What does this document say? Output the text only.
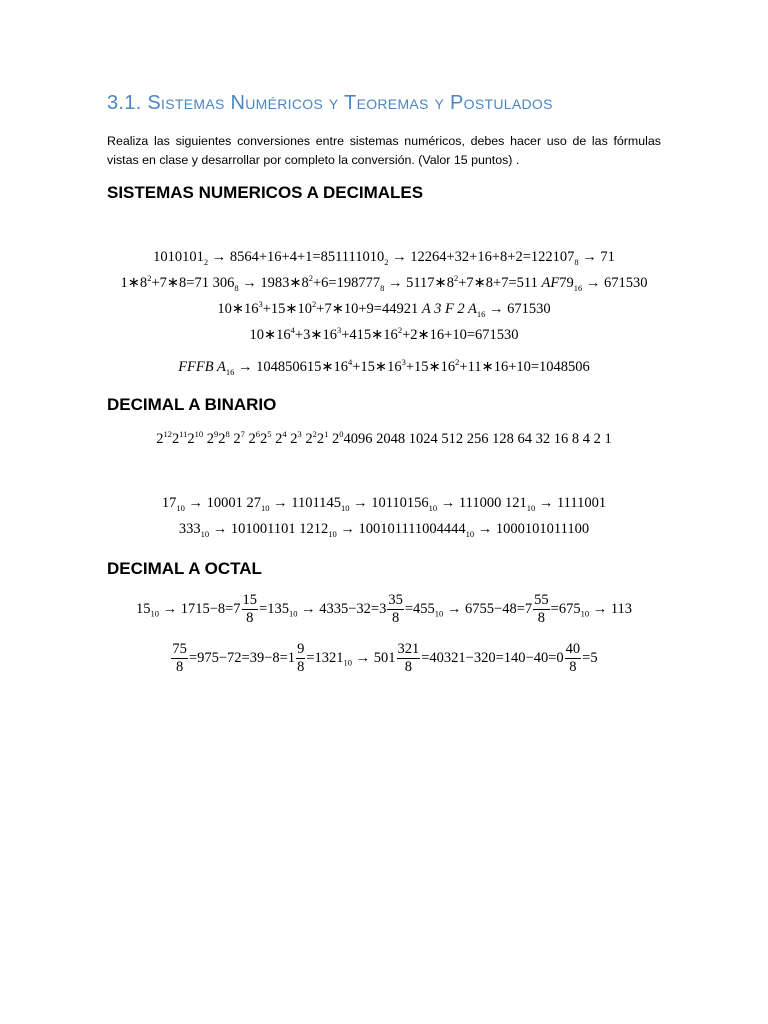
3.1. Sistemas Numéricos y Teoremas y Postulados
Realiza las siguientes conversiones entre sistemas numéricos, debes hacer uso de las fórmulas vistas en clase y desarrollar por completo la conversión. (Valor 15 puntos) .
SISTEMAS NUMERICOS A DECIMALES
$1010101_2 \to 8564+16+4+1=851111010_2 \to 12264+32+16+8+2=122107_8 \to 71$
$1∗8^2+7∗8=71$ $306_8$ → $1983∗8^2+6=198777_8$ → $5117∗8^2+7∗8+7=511$ $AF79_{16} \to 671530$
$10∗16^3+15∗10^2+7∗10+9=44921$ A 3 F 2 $A_{16} \to 671530$
$10∗16^4+3∗16^3+415∗16^2+2∗16+10=671530$
FFFB $A_{16}$ → $104850615∗16^4+15∗16^3+15∗16^2+11∗16+10=1048506$
DECIMAL A BINARIO
$2^{12}2^{11}2^{10}$ $2^92^8$ $2^7$ $2^62^5$ $2^4$ $2^3$ $2^22^1$ $2^04096$ 2048 1024 512 256 128 64 32 16 8 4 2 1
$17_{10} \to 10001$ $27_{10} \to 1101145_{10} \to 10110156_{10} \to 111000$ $121_{10} \to 1111001$
$333_{10} \to 101001101$ $1212_{10} \to 100101111004444_{10} \to 1000101011100$
DECIMAL A OCTAL
$15_{10} \to 1715-8=7 \frac{15}{8} =135_{10} \to 4335-32=3 \frac{35}{8} =455_{10} \to 6755-48=7 \frac{55}{8} =675_{10} \to 113$
$\frac{75}{8} =975-72=39-8=1 \frac{9}{8} =1321_{10} \to 501 \frac{321}{8} =40321-320=140-40=0 \frac{40}{8} =5$
